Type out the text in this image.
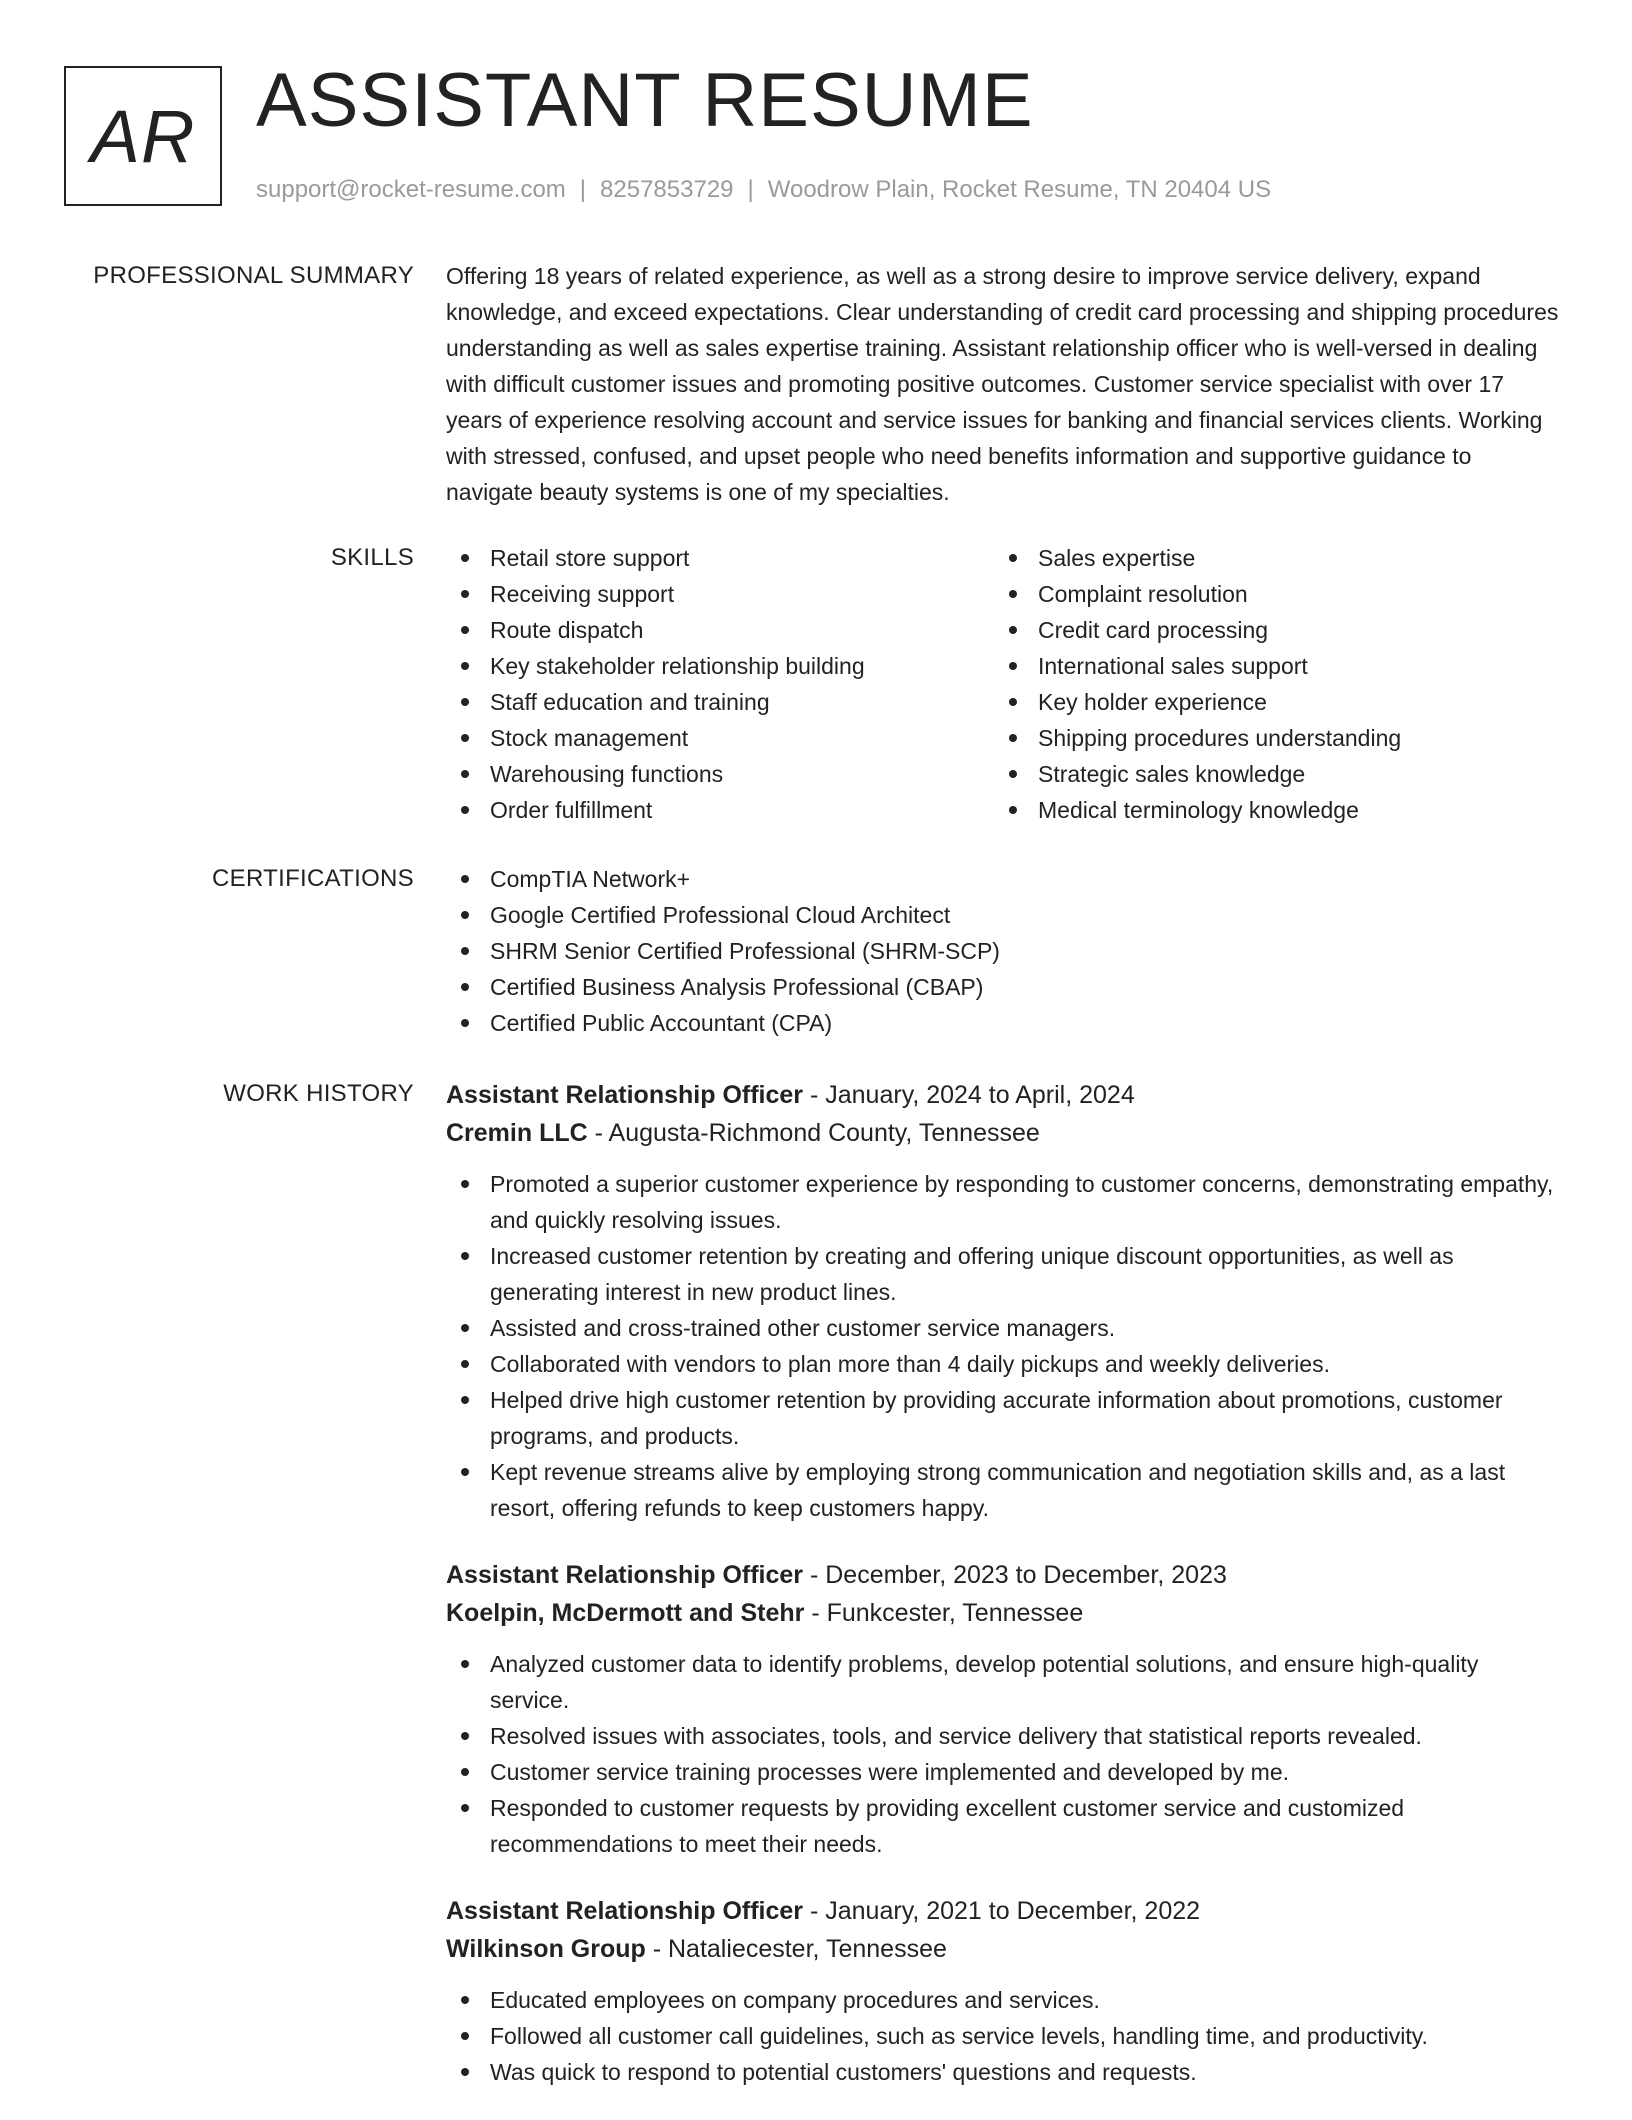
AR ASSISTANT RESUME
support@rocket-resume.com | 8257853729 | Woodrow Plain, Rocket Resume, TN 20404 US
PROFESSIONAL SUMMARY Offering 18 years of related experience, as well as a strong desire to improve service delivery, expand knowledge, and exceed expectations. Clear understanding of credit card processing and shipping procedures understanding as well as sales expertise training. Assistant relationship officer who is well-versed in dealing with difficult customer issues and promoting positive outcomes. Customer service specialist with over 17 years of experience resolving account and service issues for banking and financial services clients. Working with stressed, confused, and upset people who need benefits information and supportive guidance to navigate beauty systems is one of my specialties.

SKILLS	Retail store support
Receiving support
Route dispatch
Key stakeholder relationship building
Staff education and training
Stock management
Warehousing functions
Order fulfillment
Sales expertise
Complaint resolution
Credit card processing
International sales support
Key holder experience
Shipping procedures understanding
Strategic sales knowledge
Medical terminology knowledge
CERTIFICATIONS	CompTIA Network+
Google Certified Professional Cloud Architect
SHRM Senior Certified Professional (SHRM-SCP)
Certified Business Analysis Professional (CBAP)
Certified Public Accountant (CPA)
WORK HISTORY Assistant Relationship Officer - January, 2024 to April, 2024
Cremin LLC - Augusta-Richmond County, Tennessee
Promoted a superior customer experience by responding to customer concerns, demonstrating empathy, and quickly resolving issues.
Increased customer retention by creating and offering unique discount opportunities, as well as generating interest in new product lines.
Assisted and cross-trained other customer service managers.
Collaborated with vendors to plan more than 4 daily pickups and weekly deliveries.
Helped drive high customer retention by providing accurate information about promotions, customer programs, and products.
Kept revenue streams alive by employing strong communication and negotiation skills and, as a last resort, offering refunds to keep customers happy.
Assistant Relationship Officer - December, 2023 to December, 2023
Koelpin, McDermott and Stehr - Funkcester, Tennessee
Analyzed customer data to identify problems, develop potential solutions, and ensure high-quality service.
Resolved issues with associates, tools, and service delivery that statistical reports revealed.
Customer service training processes were implemented and developed by me.
Responded to customer requests by providing excellent customer service and customized recommendations to meet their needs.
Assistant Relationship Officer - January, 2021 to December, 2022
Wilkinson Group - Nataliecester, Tennessee
Educated employees on company procedures and services.
Followed all customer call guidelines, such as service levels, handling time, and productivity.
Was quick to respond to potential customers' questions and requests.
